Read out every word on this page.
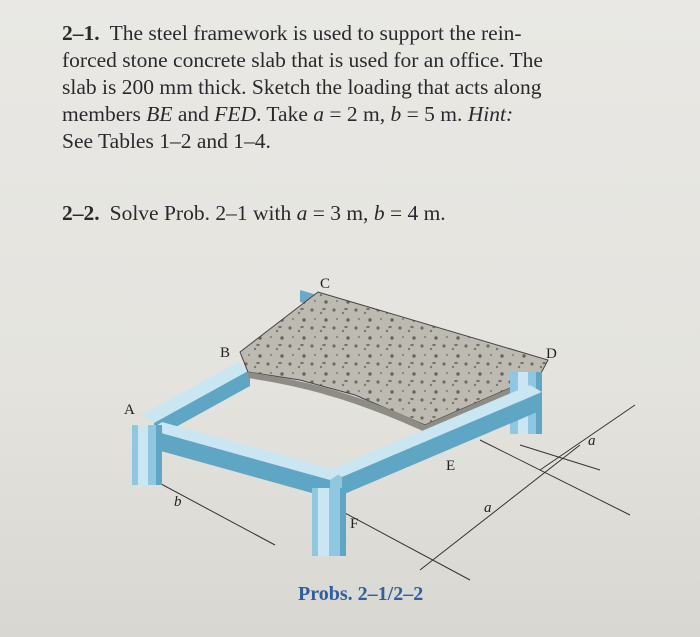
2–1. The steel framework is used to support the rein-
forced stone concrete slab that is used for an office. The
slab is 200 mm thick. Sketch the loading that acts along
members BE and FED. Take a = 2 m, b = 5 m. Hint:
See Tables 1–2 and 1–4.
2–2. Solve Prob. 2–1 with a = 3 m, b = 4 m.
A
B
C
D
E
F
b	a
a
Probs. 2–1/2–2
